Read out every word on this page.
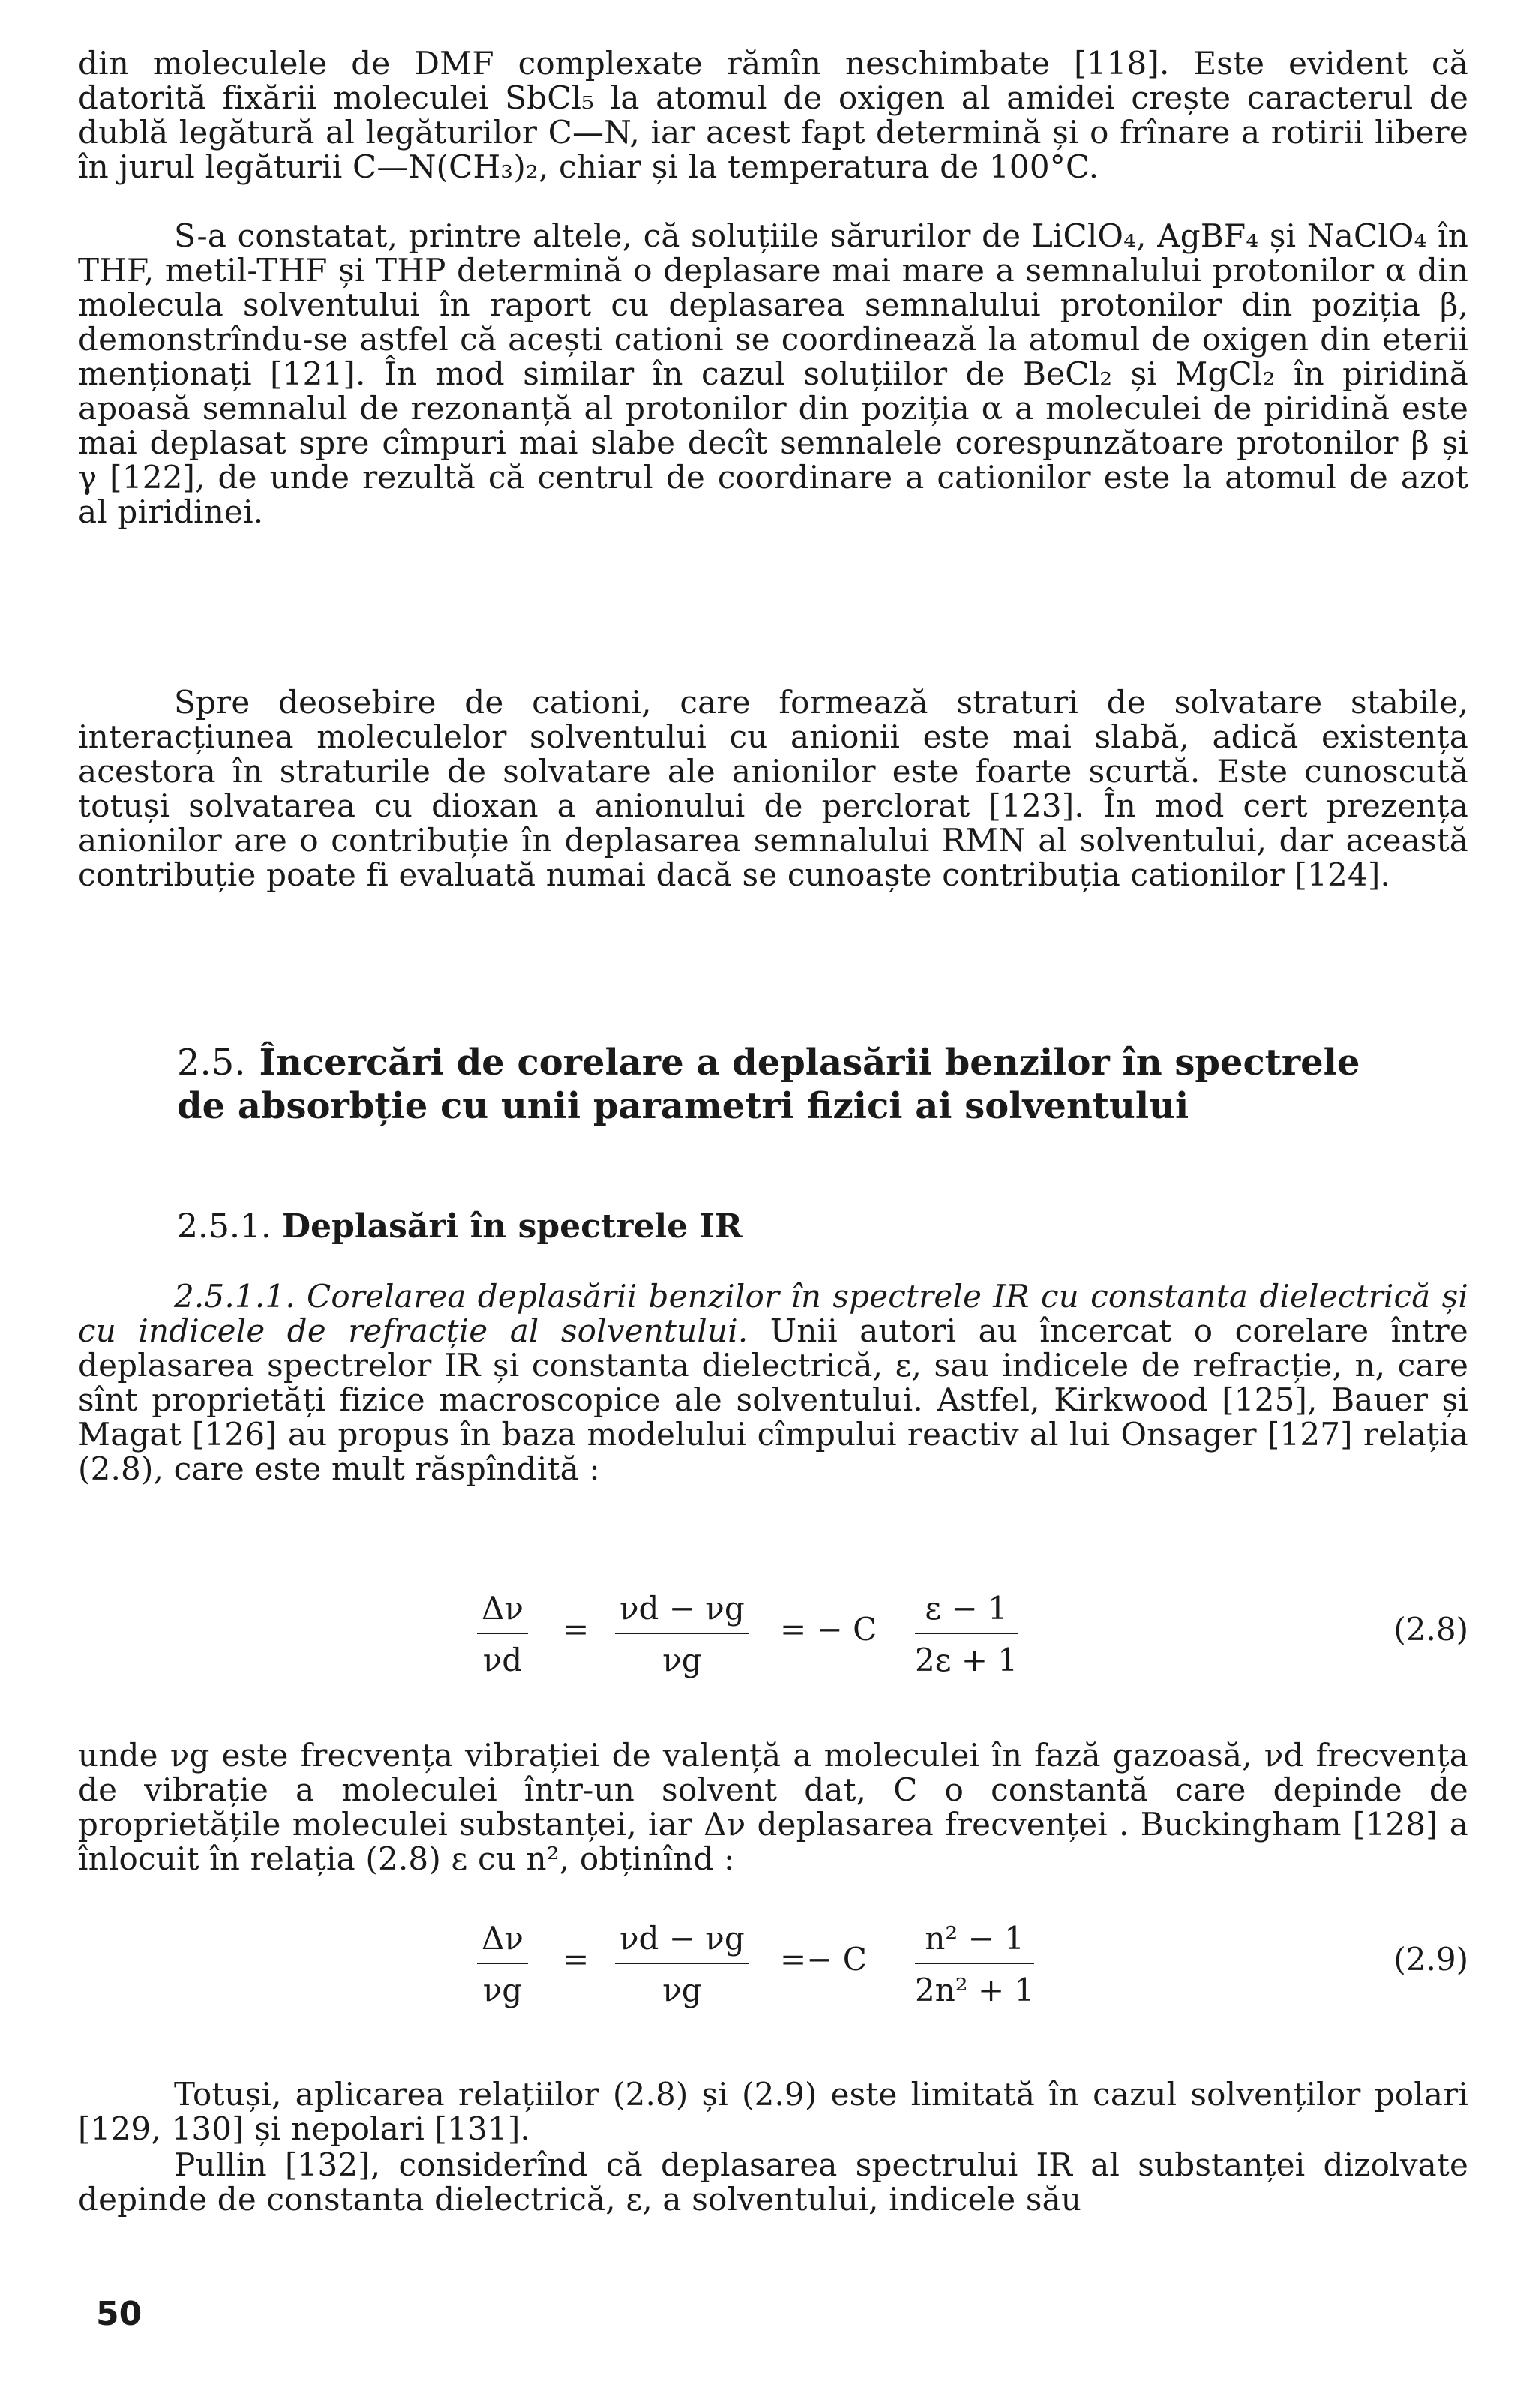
din moleculele de DMF complexate rămîn neschimbate [118]. Este evident că datorită fixării moleculei SbCl₅ la atomul de oxigen al amidei crește caracterul de dublă legătură al legăturilor C—N, iar acest fapt determină și o frînare a rotirii libere în jurul legăturii C—N(CH₃)₂, chiar și la temperatura de 100°C.

S-a constatat, printre altele, că soluțiile sărurilor de LiClO₄, AgBF₄ și NaClO₄ în THF, metil-THF și THP determină o deplasare mai mare a semnalului protonilor α din molecula solventului în raport cu deplasarea semnalului protonilor din poziția β, demonstrîndu-se astfel că acești cationi se coordinează la atomul de oxigen din eterii menționați [121]. În mod similar în cazul soluțiilor de BeCl₂ și MgCl₂ în piridină apoasă semnalul de rezonanță al protonilor din poziția α a moleculei de piridină este mai deplasat spre cîmpuri mai slabe decît semnalele corespunzătoare protonilor β și γ [122], de unde rezultă că centrul de coordinare a cationilor este la atomul de azot al piridinei.

Spre deosebire de cationi, care formează straturi de solvatare stabile, interacțiunea moleculelor solventului cu anionii este mai slabă, adică existența acestora în straturile de solvatare ale anionilor este foarte scurtă. Este cunoscută totuși solvatarea cu dioxan a anionului de perclorat [123]. În mod cert prezența anionilor are o contribuție în deplasarea semnalului RMN al solventului, dar această contribuție poate fi evaluată numai dacă se cunoaște contribuția cationilor [124].

2.5. Încercări de corelare a deplasării benzilor în spectrele
de absorbție cu unii parametri fizici ai solventului
2.5.1. Deplasări în spectrele IR

2.5.1.1. Corelarea deplasării benzilor în spectrele IR cu constanta dielectrică și cu indicele de refracție al solventului. Unii autori au încercat o corelare între deplasarea spectrelor IR și constanta dielectrică, ε, sau indicele de refracție, n, care sînt proprietăți fizice macroscopice ale solventului. Astfel, Kirkwood [125], Bauer și Magat [126] au propus în baza modelului cîmpului reactiv al lui Onsager [127] relația (2.8), care este mult răspîndită :

$\frac{\Delta\nu}{\nu d} = \frac{\nu d - \nu g}{\nu g}$ = − C $\frac{\varepsilon - 1}{2\varepsilon + 1}$	(2.8)

unde νg este frecvența vibrației de valență a moleculei în fază gazoasă, νd frecvența de vibrație a moleculei într-un solvent dat, C o constantă care depinde de proprietățile moleculei substanței, iar Δν deplasarea frecvenței . Buckingham [128] a înlocuit în relația (2.8) ε cu n², obținînd :

$\frac{\Delta\nu}{\nu g} = \frac{\nu d - \nu g}{\nu g} =- C \frac{\text{n² − 1}}{\text{2n² + 1}}$	(2.9)

Totuși, aplicarea relațiilor (2.8) și (2.9) este limitată în cazul solvenților polari [129, 130] și nepolari [131].

Pullin [132], considerînd că deplasarea spectrului IR al substanței dizolvate depinde de constanta dielectrică, ε, a solventului, indicele său

50
